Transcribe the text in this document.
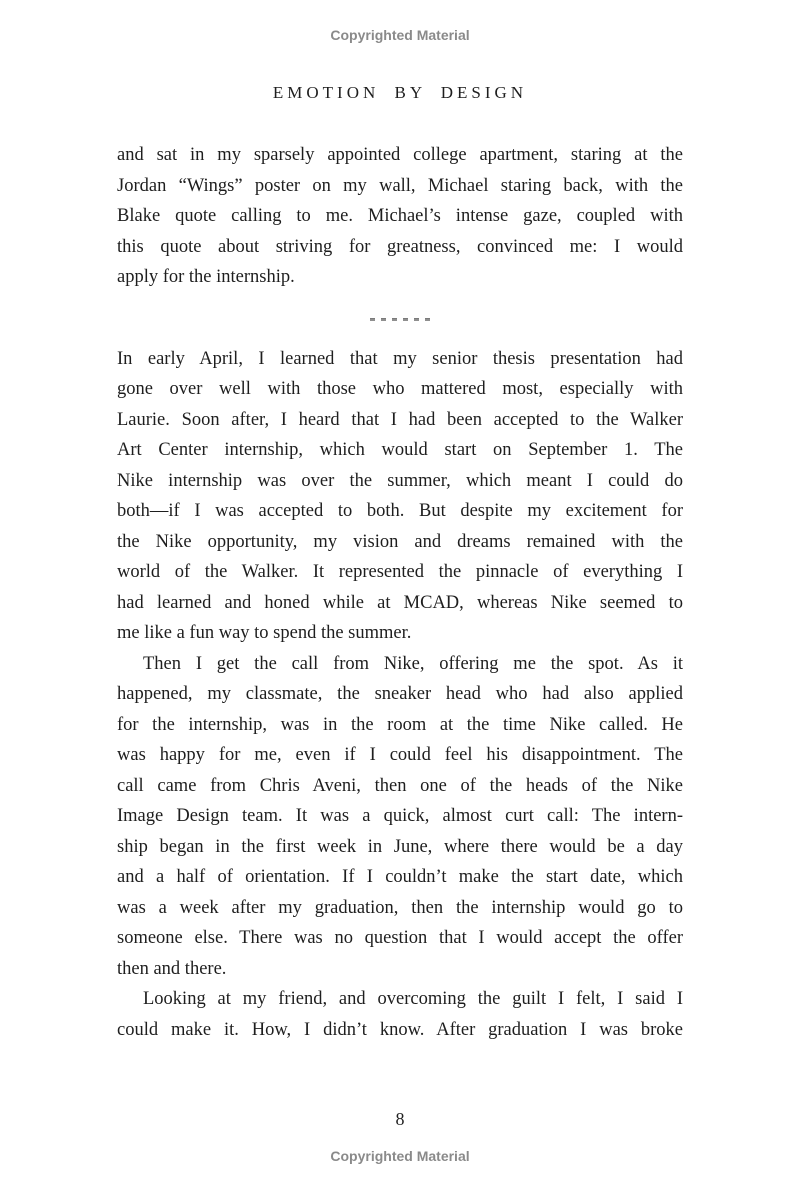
Copyrighted Material
EMOTION BY DESIGN
and sat in my sparsely appointed college apartment, staring at the
Jordan “Wings” poster on my wall, Michael staring back, with the
Blake quote calling to me. Michael’s intense gaze, coupled with
this quote about striving for greatness, convinced me: I would
apply for the internship.
In early April, I learned that my senior thesis presentation had
gone over well with those who mattered most, especially with
Laurie. Soon after, I heard that I had been accepted to the Walker
Art Center internship, which would start on September 1. The
Nike internship was over the summer, which meant I could do
both—if I was accepted to both. But despite my excitement for
the Nike opportunity, my vision and dreams remained with the
world of the Walker. It represented the pinnacle of everything I
had learned and honed while at MCAD, whereas Nike seemed to
me like a fun way to spend the summer.
Then I get the call from Nike, offering me the spot. As it
happened, my classmate, the sneaker head who had also applied
for the internship, was in the room at the time Nike called. He
was happy for me, even if I could feel his disappointment. The
call came from Chris Aveni, then one of the heads of the Nike
Image Design team. It was a quick, almost curt call: The intern-
ship began in the first week in June, where there would be a day
and a half of orientation. If I couldn’t make the start date, which
was a week after my graduation, then the internship would go to
someone else. There was no question that I would accept the offer
then and there.
Looking at my friend, and overcoming the guilt I felt, I said I
could make it. How, I didn’t know. After graduation I was broke
8
Copyrighted Material
